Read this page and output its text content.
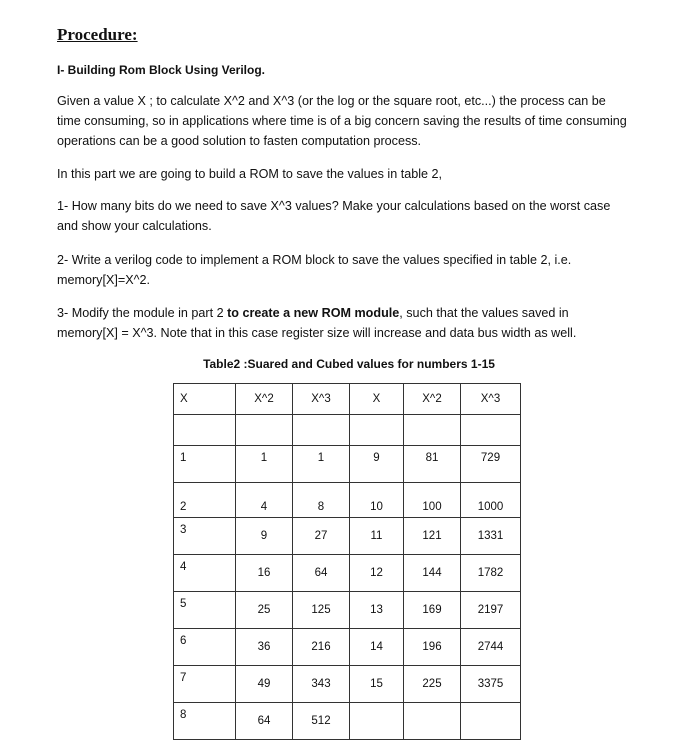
Procedure:
I- Building Rom Block Using Verilog.
Given a value X ; to calculate X^2 and X^3 (or the log or the square root, etc...) the process can be time consuming, so in applications where time is of a big concern saving the results of time consuming operations can be a good solution to fasten computation process.
In this part we are going to build a ROM to save the values in table 2,
1- How many bits do we need to save X^3 values? Make your calculations based on the worst case and show your calculations.
2- Write a verilog code to implement a ROM block to save the values specified in table 2, i.e. memory[X]=X^2.
3- Modify the module in part 2 to create a new ROM module, such that the values saved in memory[X] = X^3. Note that in this case register size will increase and data bus width as well.
Table2 :Suared and Cubed values for numbers 1-15
X	X^2	X^3	X	X^2	X^3

1	1	1	9	81	729
2	4	8	10	100	1000
3	9	27	11	121	1331
4	16	64	12	144	1782
5	25	125	13	169	2197
6	36	216	14	196	2744
7	49	343	15	225	3375
8	64	512			
